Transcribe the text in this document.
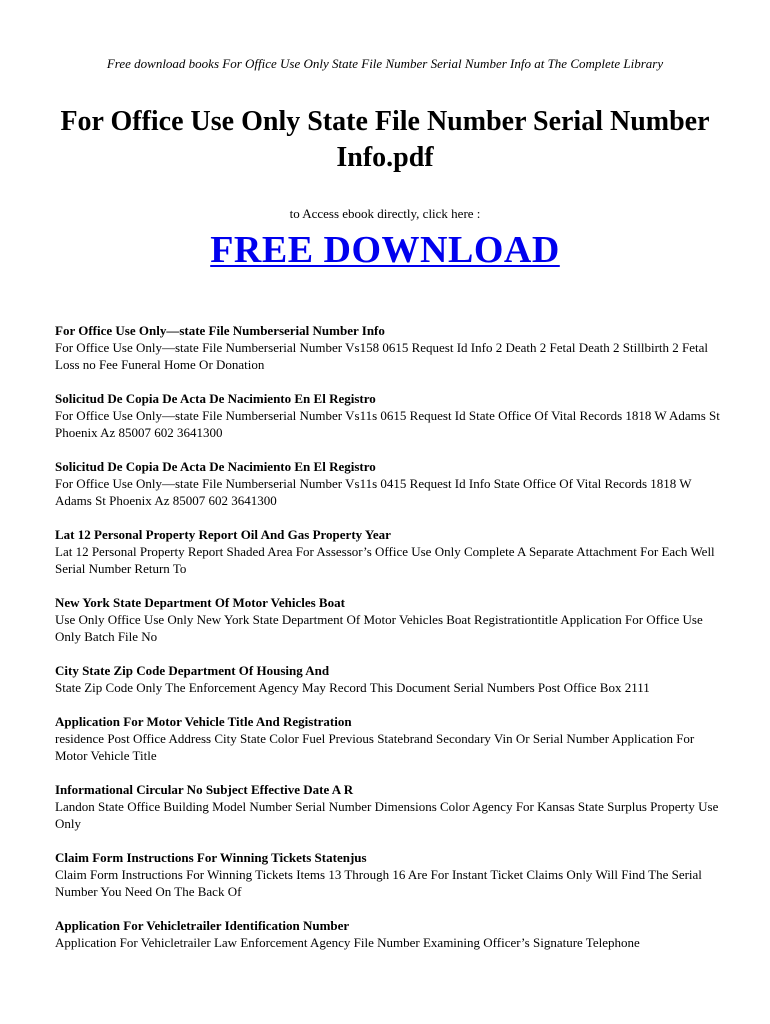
Free download books For Office Use Only State File Number Serial Number Info at The Complete Library
For Office Use Only State File Number Serial Number Info.pdf
to Access ebook directly, click here :
FREE DOWNLOAD
For Office Use Only—state File Numberserial Number Info
For Office Use Only—state File Numberserial Number Vs158 0615 Request Id Info 2 Death 2 Fetal Death 2 Stillbirth 2 Fetal Loss no Fee Funeral Home Or Donation
Solicitud De Copia De Acta De Nacimiento En El Registro
For Office Use Only—state File Numberserial Number Vs11s 0615 Request Id State Office Of Vital Records 1818 W Adams St Phoenix Az 85007 602 3641300
Solicitud De Copia De Acta De Nacimiento En El Registro
For Office Use Only—state File Numberserial Number Vs11s 0415 Request Id Info State Office Of Vital Records 1818 W Adams St Phoenix Az 85007 602 3641300
Lat 12 Personal Property Report Oil And Gas Property Year
Lat 12 Personal Property Report Shaded Area For Assessor’s Office Use Only Complete A Separate Attachment For Each Well Serial Number Return To
New York State Department Of Motor Vehicles Boat
Use Only Office Use Only New York State Department Of Motor Vehicles Boat Registrationtitle Application For Office Use Only Batch File No
City State Zip Code Department Of Housing And
State Zip Code Only The Enforcement Agency May Record This Document Serial Numbers Post Office Box 2111
Application For Motor Vehicle Title And Registration
residence Post Office Address City State Color Fuel Previous Statebrand Secondary Vin Or Serial Number Application For Motor Vehicle Title
Informational Circular No Subject Effective Date A R
Landon State Office Building Model Number Serial Number Dimensions Color Agency For Kansas State Surplus Property Use Only
Claim Form Instructions For Winning Tickets Statenjus
Claim Form Instructions For Winning Tickets Items 13 Through 16 Are For Instant Ticket Claims Only Will Find The Serial Number You Need On The Back Of
Application For Vehicletrailer Identification Number
Application For Vehicletrailer Law Enforcement Agency File Number Examining Officer’s Signature Telephone
